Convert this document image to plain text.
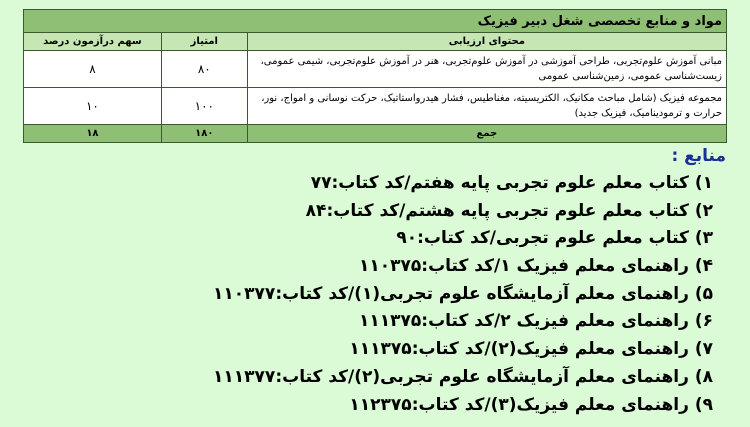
مواد و منابع تخصصی شغل دبیر فیزیک		
محتوای ارزیابی	امتیاز	سهم درآزمون درصد
مبانی آموزش علوم‌تجربی، طراحی آموزشی در آموزش علوم‌تجربی، هنر در آموزش علوم‌تجربی، شیمی عمومی، زیست‌شناسی عمومی، زمین‌شناسی عمومی	۸۰	۸
مجموعه فیزیک (شامل مباحث مکانیک، الکتریسیته، مغناطیس، فشار هیدرواستاتیک، حرکت نوسانی و امواج، نور، حرارت و ترمودینامیک، فیزیک جدید)	۱۰۰	۱۰
جمع	۱۸۰	۱۸
منابع :
۱) کتاب معلم علوم تجربی پایه هفتم/کد کتاب:۷۷
۲) کتاب معلم علوم تجربی پایه هشتم/کد کتاب:۸۴
۳) کتاب معلم علوم تجربی/کد کتاب:۹۰
۴) راهنمای معلم فیزیک ۱/کد کتاب:۱۱۰۳۷۵
۵) راهنمای معلم آزمایشگاه علوم تجربی(۱)/کد کتاب:۱۱۰۳۷۷
۶) راهنمای معلم فیزیک ۲/کد کتاب:۱۱۱۳۷۵
۷) راهنمای معلم فیزیک(۲)/کد کتاب:۱۱۱۳۷۵
۸) راهنمای معلم آزمایشگاه علوم تجربی(۲)/کد کتاب:۱۱۱۳۷۷
۹) راهنمای معلم فیزیک(۳)/کد کتاب:۱۱۲۳۷۵
